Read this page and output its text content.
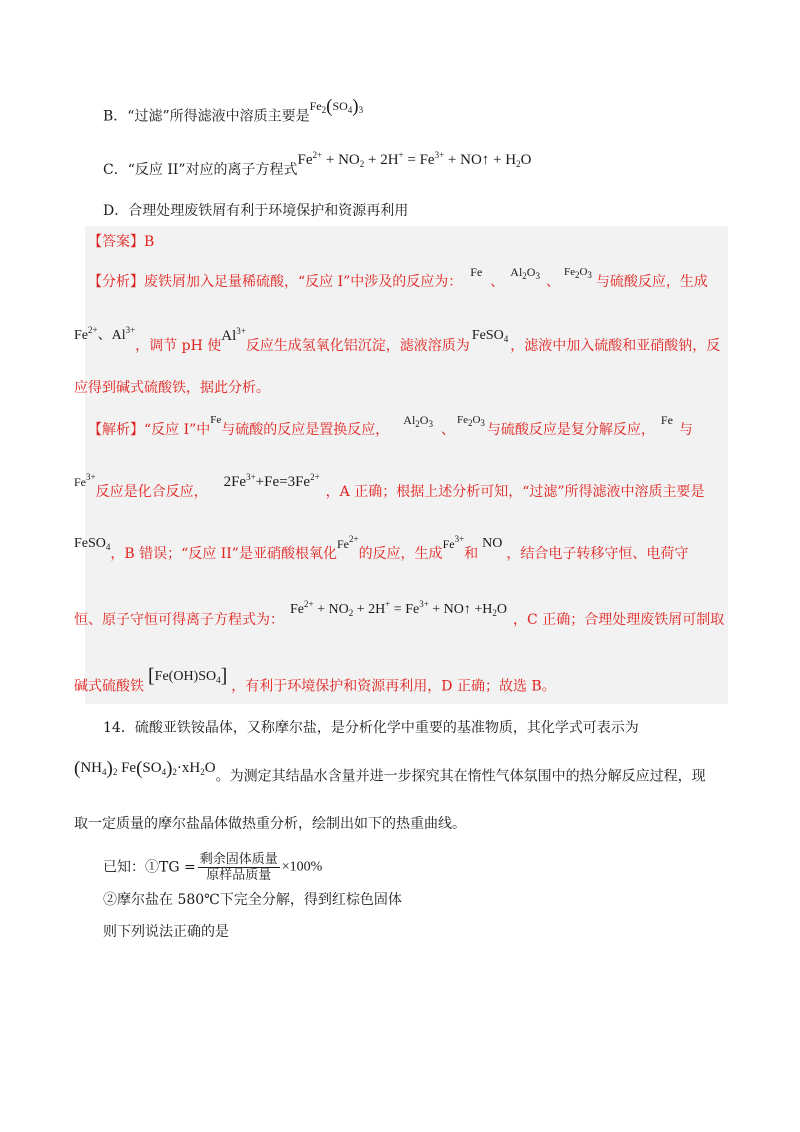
B．“过滤”所得滤液中溶质主要是$Fe_2(SO_4)_3$
C．“反应 II”对应的离子方程式$Fe^{2+} + NO_2 + 2H^+ = Fe^{3+}$ + NO↑ + $H_2O$
D．合理处理废铁屑有利于环境保护和资源再利用
【答案】B
【分析】废铁屑加入足量稀硫酸，“反应 I”中涉及的反应为：Fe、$Al_2O_3$ 、$^{Fe_2O_3}$ 与硫酸反应，生成
$Fe^{2+}$、$Al^{3+}$，调节 pH 使$Al^{3+}$反应生成氢氧化铝沉淀，滤液溶质为FeSO$_4$ ，滤液中加入硫酸和亚硝酸钠，反
应得到碱式硫酸铁，据此分析。
【解析】“反应 I”中$^{Fe}$与硫酸的反应是置换反应，$Al_2O_3$ 、$^{Fe_2O_3}$ 与硫酸反应是复分解反应，Fe与
$Fe^{3+}$反应是化合反应，$2Fe^{3+}+Fe=3Fe^{2+}$，A 正确；根据上述分析可知，“过滤”所得滤液中溶质主要是
FeSO$_4$，B 错误；“反应 II”是亚硝酸根氧化$Fe^{2+}$的反应，生成$Fe^{3+}$和NO，结合电子转移守恒、电荷守
恒、原子守恒可得离子方程式为：$Fe^{2+} + NO_2 + 2H^+ = Fe^{3+}$ + NO↑ $+H_2O$，C 正确；合理处理废铁屑可制取
碱式硫酸铁 $[Fe(OH)SO_4]$ ，有利于环境保护和资源再利用，D 正确；故选 B。
14．硫酸亚铁铵晶体，又称摩尔盐，是分析化学中重要的基准物质，其化学式可表示为
$(NH_4)_2$ $Fe(SO_4)_2\cdot xH_2O$。为测定其结晶水含量并进一步探究其在惰性气体氛围中的热分解反应过程，现
取一定质量的摩尔盐晶体做热重分析，绘制出如下的热重曲线。
已知：①TG = $\frac{\text{剩余固体质量}}{\text{原样品质量}} \times 100\%$
②摩尔盐在 580℃下完全分解，得到红棕色固体
则下列说法正确的是
